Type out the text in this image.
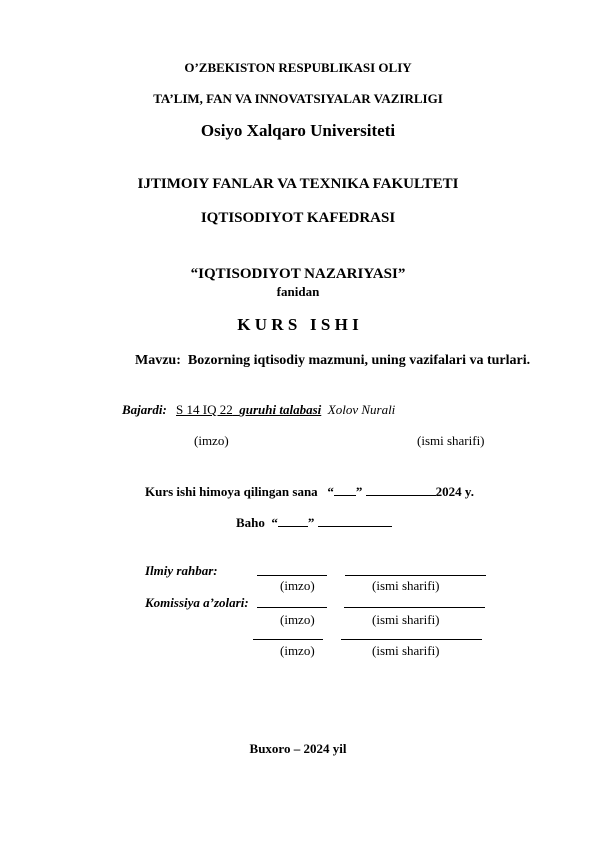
O’ZBEKISTON RESPUBLIKASI OLIY
TA’LIM, FAN VA INNOVATSIYALAR VAZIRLIGI
Osiyo Xalqaro Universiteti
IJTIMOIY FANLAR VA TEXNIKA FAKULTETI
IQTISODIYOT KAFEDRASI
“IQTISODIYOT NAZARIYASI”
fanidan
K U R S   I S H I
Mavzu: Bozorning iqtisodiy mazmuni, uning vazifalari va turlari.
Bajardi: S 14 IQ 22_guruhi talabasi Xolov Nurali
(imzo)	(ismi sharifi)
Kurs ishi himoya qilingan sana “ ”	2024 y.
Baho “ ”
Ilmiy rahbar:
(imzo)	(ismi sharifi)
Komissiya a’zolari:
(imzo)	(ismi sharifi)
(imzo)	(ismi sharifi)
Buxoro – 2024 yil
